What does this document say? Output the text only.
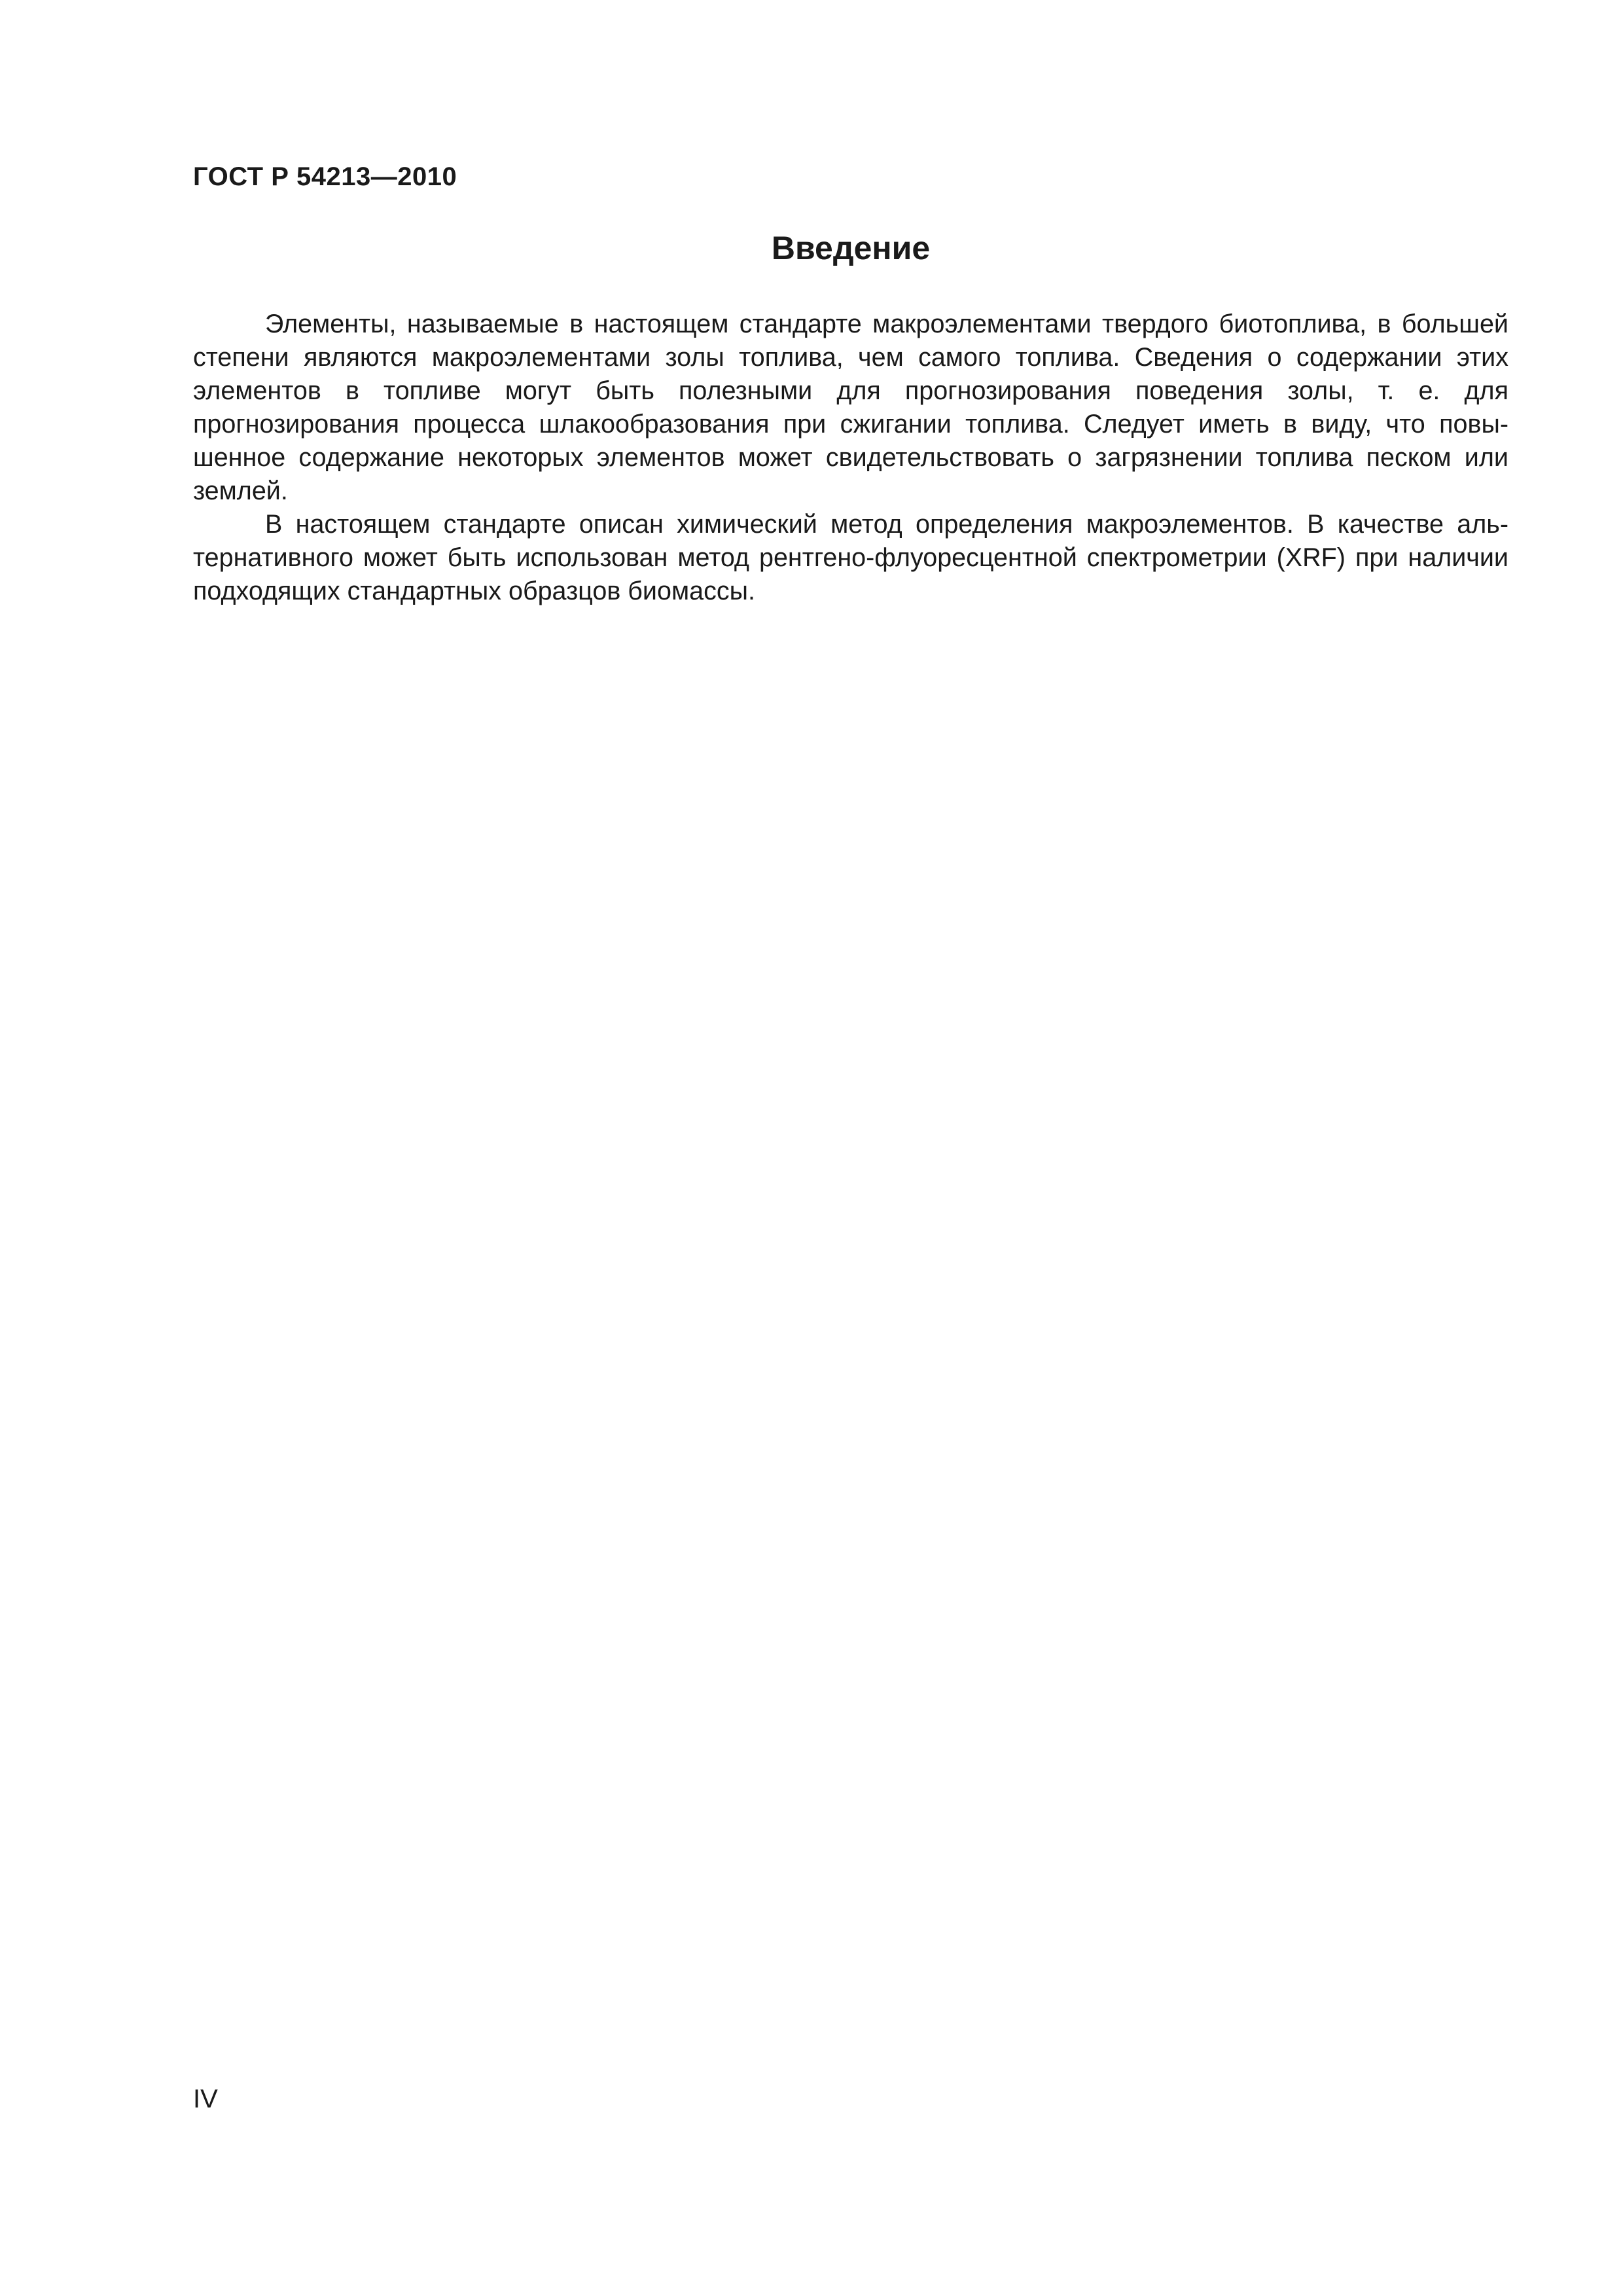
ГОСТ Р 54213—2010
Введение

Элементы, называемые в настоящем стандарте макроэлементами твердого биотоплива, в большей степени являются макроэлементами золы топлива, чем самого топлива. Сведения о содержании этих элементов в топливе могут быть полезными для прогнозирования поведения золы, т. е. для прогнозирования процесса шлакообразования при сжигании топлива. Следует иметь в виду, что повышенное содержание некоторых элементов может свидетельствовать о загрязнении топлива песком или землей.

В настоящем стандарте описан химический метод определения макроэлементов. В качестве альтернативного может быть использован метод рентгено-флуоресцентной спектрометрии (XRF) при наличии подходящих стандартных образцов биомассы.

IV
